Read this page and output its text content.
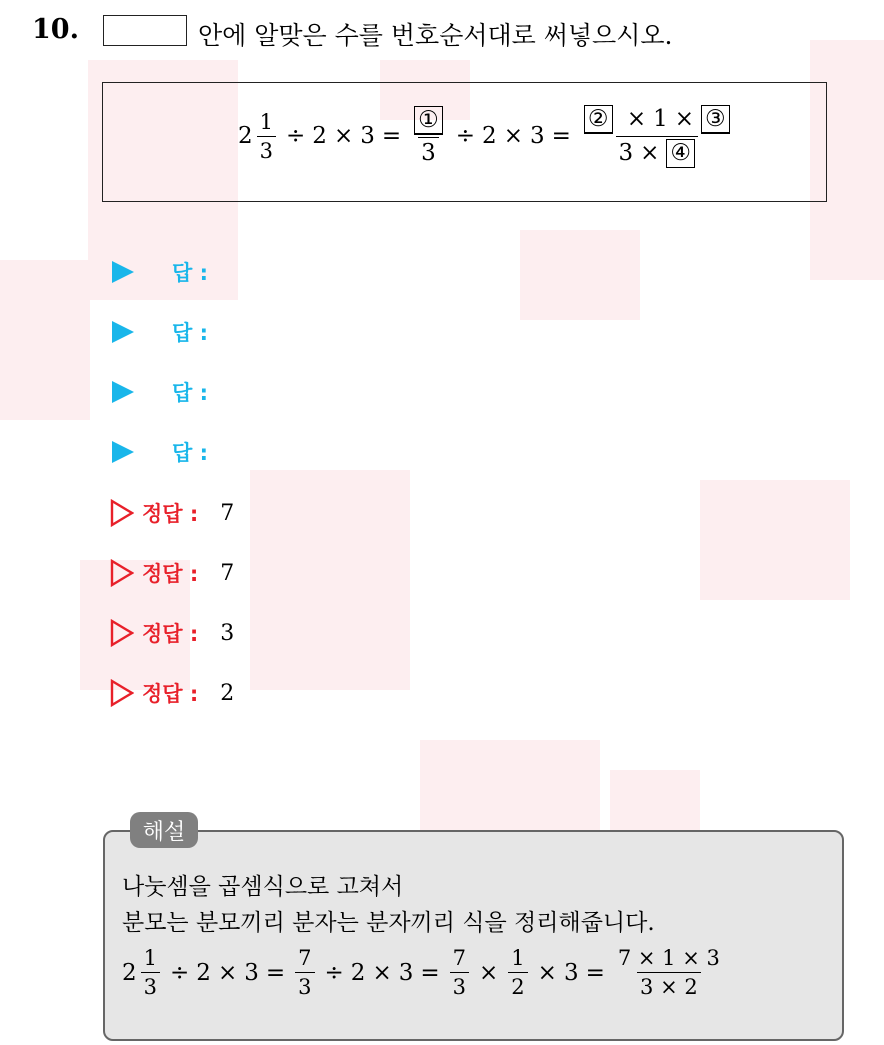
10.	안에 알맞은 수를 번호순서대로 써넣으시오.
$2 \frac{1}{3} \div 2 \times 3 = \frac{\text{①}}{3} \div 2 \times 3 = \frac{\text{② × 1 × ③}}{\text{3 × ④}}$
답 :
답 :
답 :
답 :
정답 : 7
정답 : 7
정답 : 3
정답 : 2
해설
나눗셈을 곱셈식으로 고쳐서
분모는 분모끼리 분자는 분자끼리 식을 정리해줍니다.
$2 \frac{1}{3} \div 2 \times 3 = \frac{7}{3} \div 2 \times 3 = \frac{7}{3} \times \frac{1}{2} \times 3 = \frac{7 \times 1 \times 3}{3 \times 2}$
